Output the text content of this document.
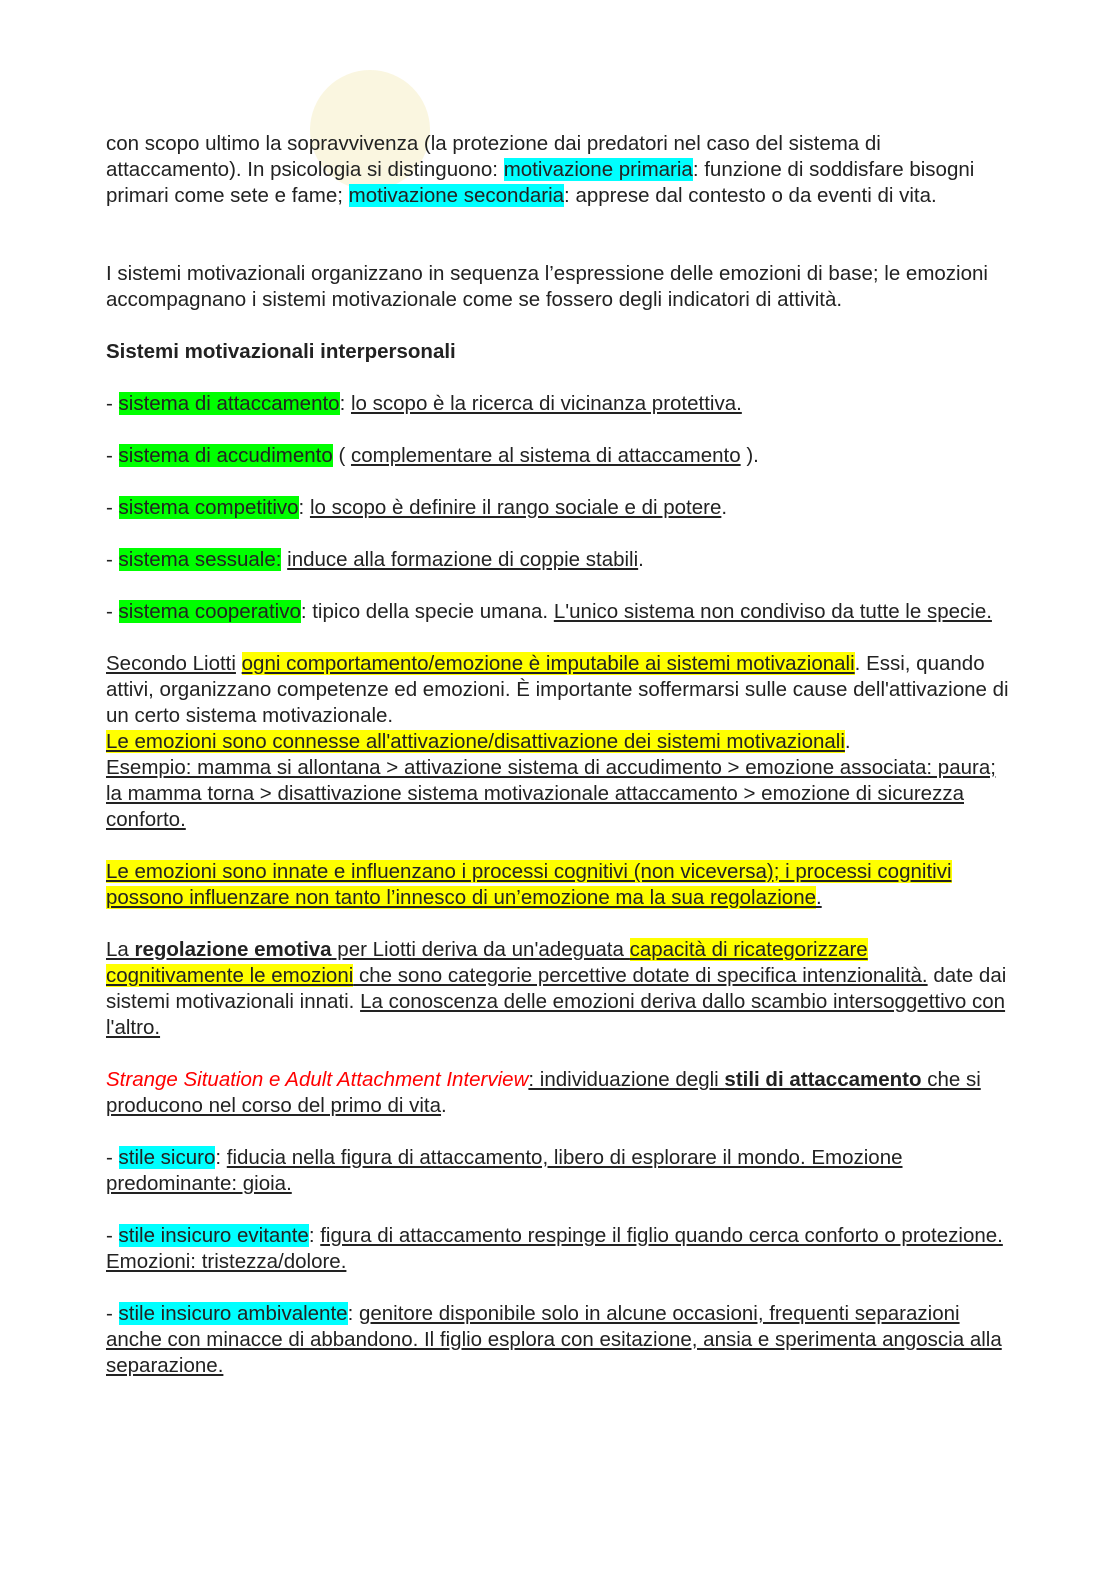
con scopo ultimo la sopravvivenza (la protezione dai predatori nel caso del sistema di attaccamento). In psicologia si distinguono: motivazione primaria: funzione di soddisfare bisogni primari come sete e fame; motivazione secondaria: apprese dal contesto o da eventi di vita.

I sistemi motivazionali organizzano in sequenza l’espressione delle emozioni di base; le emozioni accompagnano i sistemi motivazionale come se fossero degli indicatori di attività.

Sistemi motivazionali interpersonali

- sistema di attaccamento: lo scopo è la ricerca di vicinanza protettiva.

- sistema di accudimento ( complementare al sistema di attaccamento ).

- sistema competitivo: lo scopo è definire il rango sociale e di potere.

- sistema sessuale: induce alla formazione di coppie stabili.

- sistema cooperativo: tipico della specie umana. L'unico sistema non condiviso da tutte le specie.

Secondo Liotti ogni comportamento/emozione è imputabile ai sistemi motivazionali. Essi, quando attivi, organizzano competenze ed emozioni. È importante soffermarsi sulle cause dell'attivazione di un certo sistema motivazionale.
Le emozioni sono connesse all'attivazione/disattivazione dei sistemi motivazionali.
Esempio: mamma si allontana > attivazione sistema di accudimento > emozione associata: paura; la mamma torna > disattivazione sistema motivazionale attaccamento > emozione di sicurezza conforto.

Le emozioni sono innate e influenzano i processi cognitivi (non viceversa); i processi cognitivi possono influenzare non tanto l’innesco di un’emozione ma la sua regolazione.

La regolazione emotiva per Liotti deriva da un'adeguata capacità di ricategorizzare cognitivamente le emozioni che sono categorie percettive dotate di specifica intenzionalità. date dai sistemi motivazionali innati. La conoscenza delle emozioni deriva dallo scambio intersoggettivo con l'altro.

Strange Situation e Adult Attachment Interview: individuazione degli stili di attaccamento che si producono nel corso del primo di vita.

- stile sicuro: fiducia nella figura di attaccamento, libero di esplorare il mondo. Emozione predominante: gioia.

- stile insicuro evitante: figura di attaccamento respinge il figlio quando cerca conforto o protezione. Emozioni: tristezza/dolore.

- stile insicuro ambivalente: genitore disponibile solo in alcune occasioni, frequenti separazioni anche con minacce di abbandono. Il figlio esplora con esitazione, ansia e sperimenta angoscia alla separazione.
